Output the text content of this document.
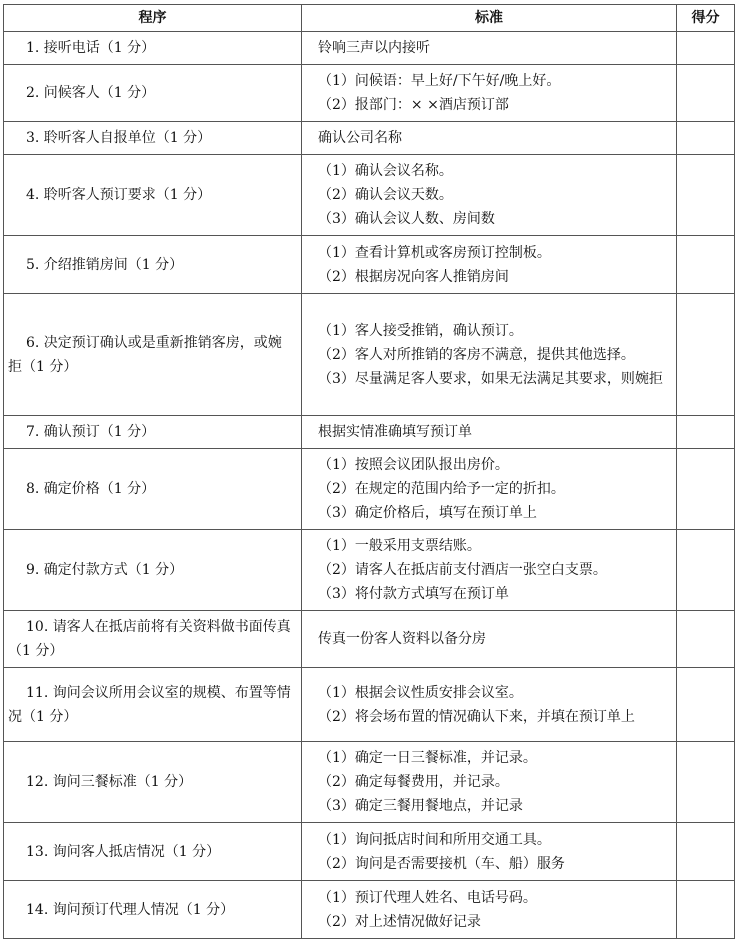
程序	标准	得分
1. 接听电话（1 分）	铃响三声以内接听	

2. 问候客人（1 分）	（1）问候语：早上好/下午好/晚上好。
（2）报部门：× ×酒店预订部	

3. 聆听客人自报单位（1 分）	确认公司名称	

4. 聆听客人预订要求（1 分）	（1）确认会议名称。
（2）确认会议天数。
（3）确认会议人数、房间数	

5. 介绍推销房间（1 分）	（1）查看计算机或客房预订控制板。
（2）根据房况向客人推销房间	

6. 决定预订确认或是重新推销客房，或婉拒（1 分）	（1）客人接受推销，确认预订。
（2）客人对所推销的客房不满意，提供其他选择。
（3）尽量满足客人要求，如果无法满足其要求，则婉拒	

7. 确认预订（1 分）	根据实情准确填写预订单	

8. 确定价格（1 分）	（1）按照会议团队报出房价。
（2）在规定的范围内给予一定的折扣。
（3）确定价格后，填写在预订单上	

9. 确定付款方式（1 分）	（1）一般采用支票结账。
（2）请客人在抵店前支付酒店一张空白支票。
（3）将付款方式填写在预订单	

10. 请客人在抵店前将有关资料做书面传真（1 分）	传真一份客人资料以备分房	

11. 询问会议所用会议室的规模、布置等情况（1 分）	（1）根据会议性质安排会议室。
（2）将会场布置的情况确认下来，并填在预订单上	

12. 询问三餐标准（1 分）	（1）确定一日三餐标准，并记录。
（2）确定每餐费用，并记录。
（3）确定三餐用餐地点，并记录	

13. 询问客人抵店情况（1 分）	（1）询问抵店时间和所用交通工具。
（2）询问是否需要接机（车、船）服务	

14. 询问预订代理人情况（1 分）	（1）预订代理人姓名、电话号码。
（2）对上述情况做好记录	
